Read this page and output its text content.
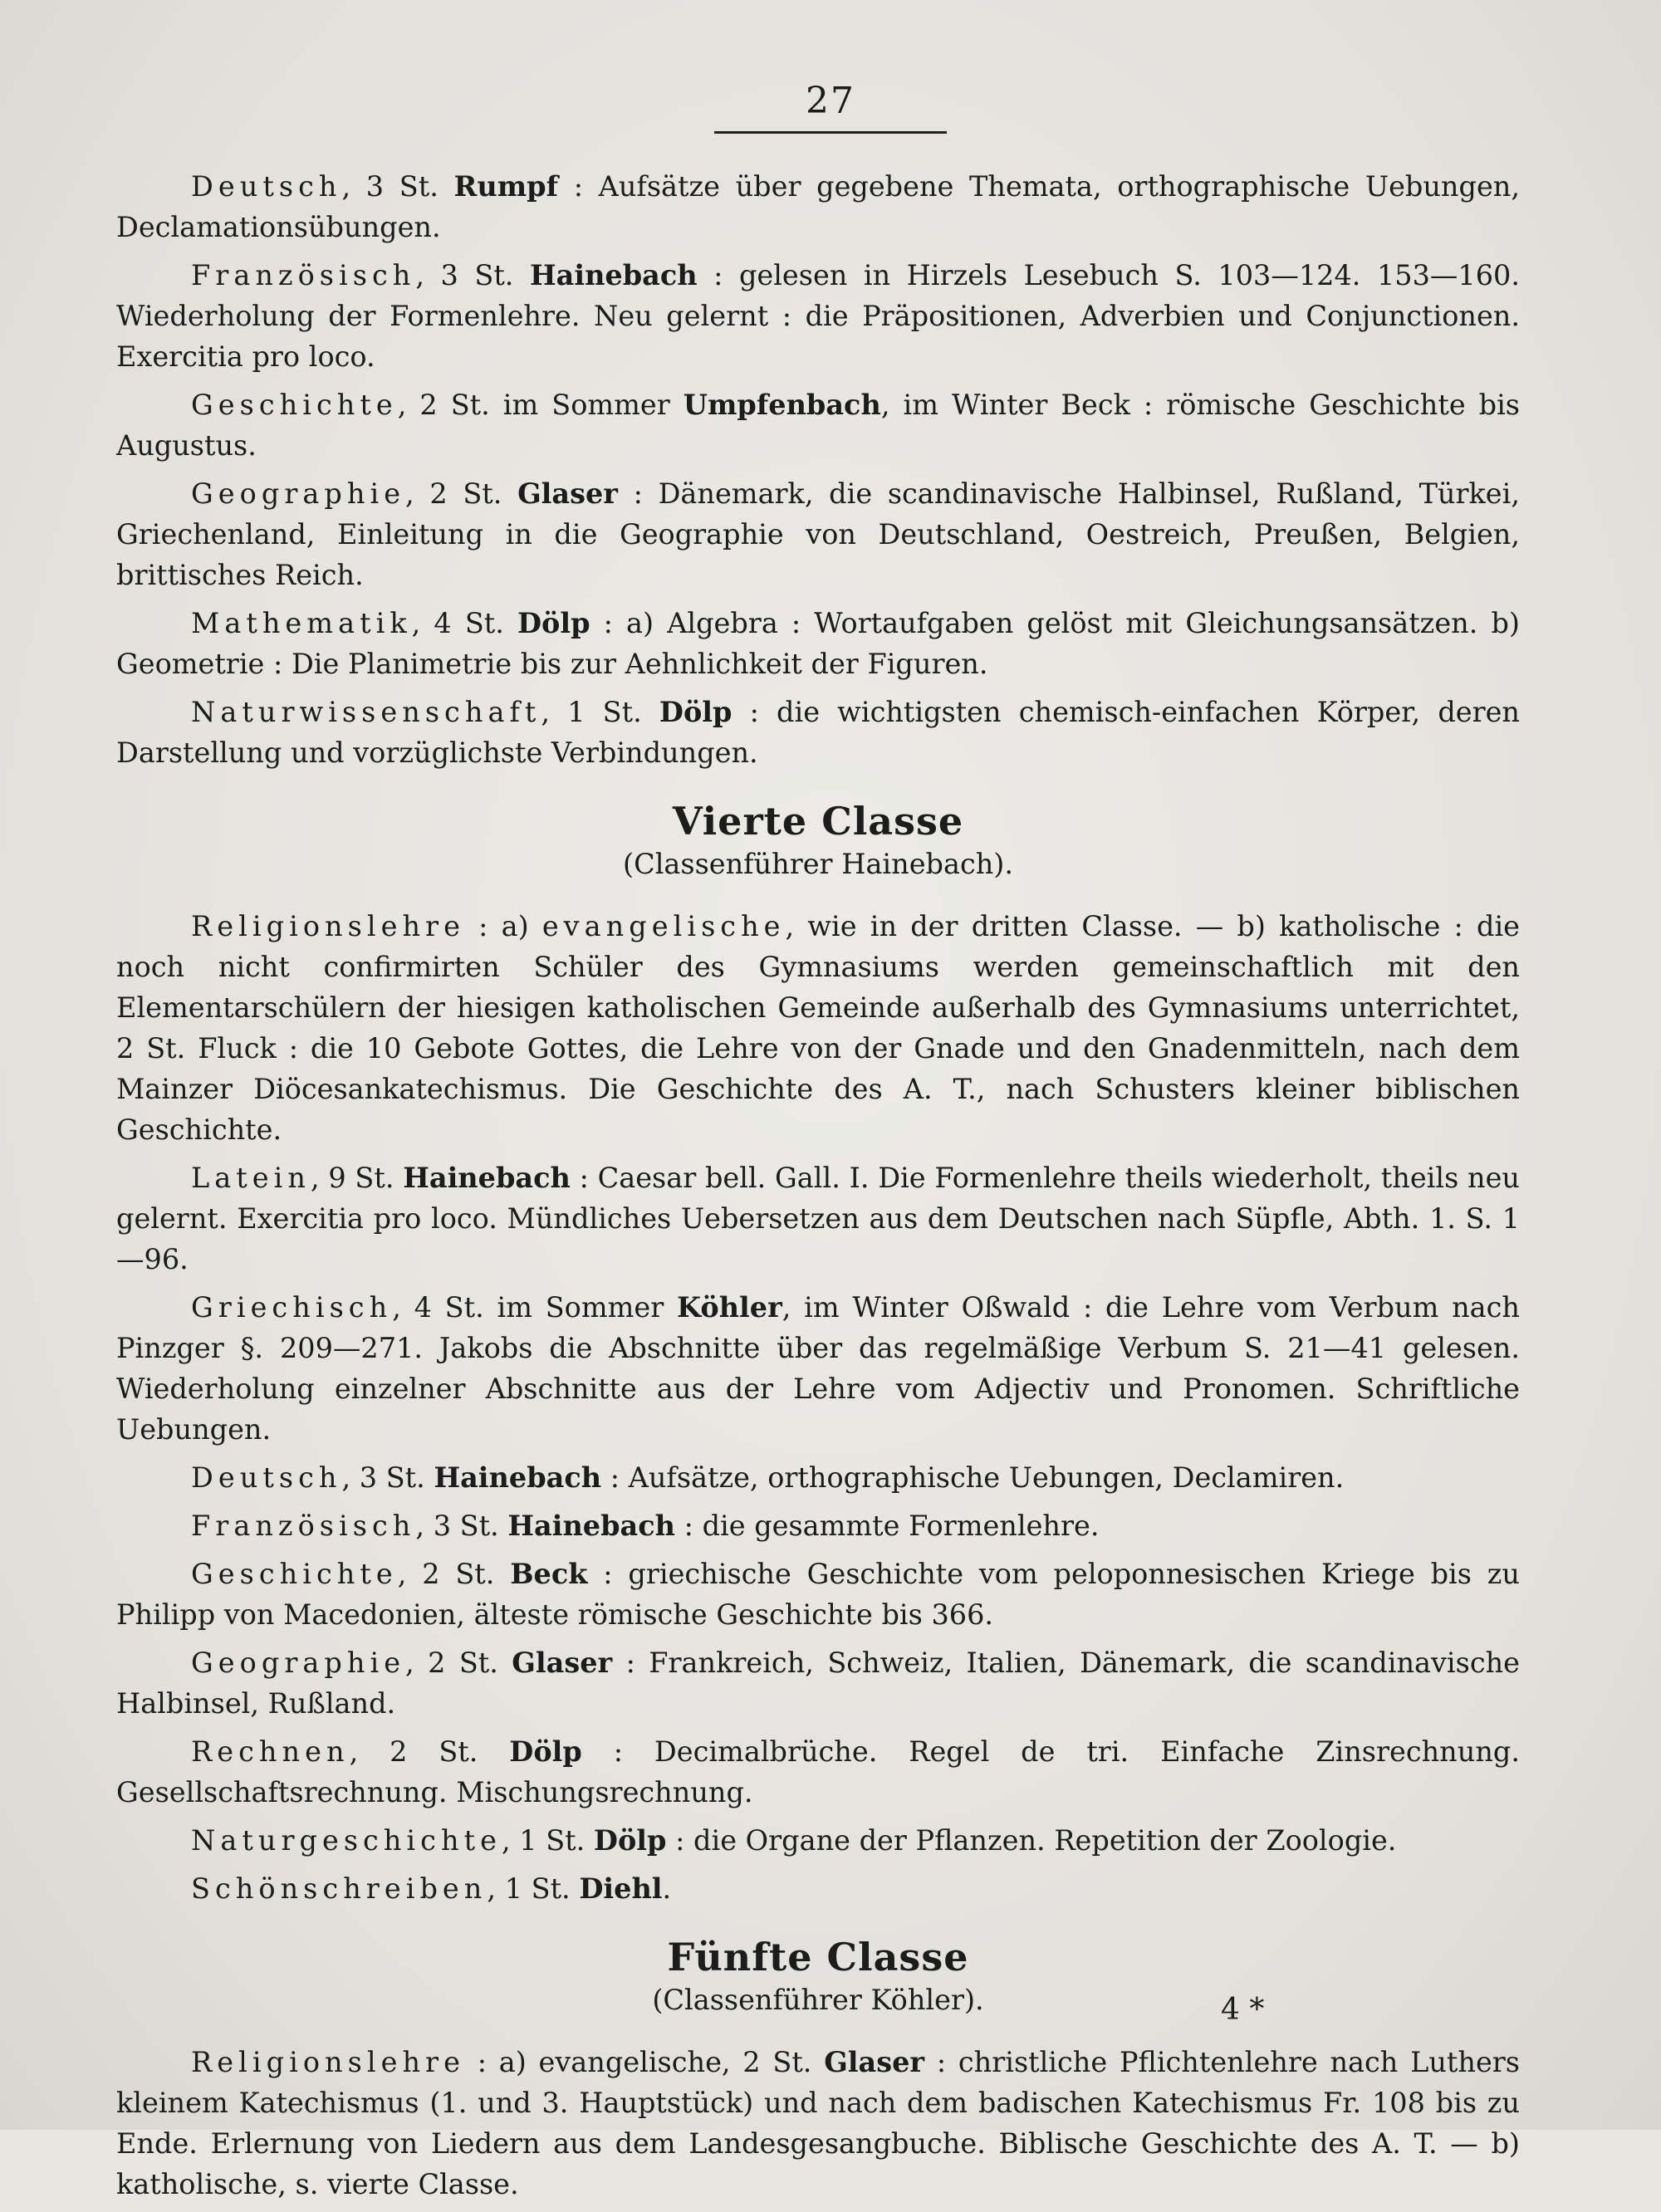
27

Deutsch, 3 St. Rumpf : Aufsätze über gegebene Themata, orthographische Uebungen, Declamationsübungen.

Französisch, 3 St. Hainebach : gelesen in Hirzels Lesebuch S. 103—124. 153—160. Wiederholung der Formenlehre. Neu gelernt : die Präpositionen, Adverbien und Conjunctionen. Exercitia pro loco.

Geschichte, 2 St. im Sommer Umpfenbach, im Winter Beck : römische Geschichte bis Augustus.

Geographie, 2 St. Glaser : Dänemark, die scandinavische Halbinsel, Rußland, Türkei, Griechenland, Einleitung in die Geographie von Deutschland, Oestreich, Preußen, Belgien, brittisches Reich.

Mathematik, 4 St. Dölp : a) Algebra : Wortaufgaben gelöst mit Gleichungsansätzen. b) Geometrie : Die Planimetrie bis zur Aehnlichkeit der Figuren.

Naturwissenschaft, 1 St. Dölp : die wichtigsten chemisch-einfachen Körper, deren Darstellung und vorzüglichste Verbindungen.

Vierte Classe

(Classenführer Hainebach).

Religionslehre : a) evangelische, wie in der dritten Classe. — b) katholische : die noch nicht confirmirten Schüler des Gymnasiums werden gemeinschaftlich mit den Elementarschülern der hiesigen katholischen Gemeinde außerhalb des Gymnasiums unterrichtet, 2 St. Fluck : die 10 Gebote Gottes, die Lehre von der Gnade und den Gnadenmitteln, nach dem Mainzer Diöcesankatechismus. Die Geschichte des A. T., nach Schusters kleiner biblischen Geschichte.

Latein, 9 St. Hainebach : Caesar bell. Gall. I. Die Formenlehre theils wiederholt, theils neu gelernt. Exercitia pro loco. Mündliches Uebersetzen aus dem Deutschen nach Süpfle, Abth. 1. S. 1—96.

Griechisch, 4 St. im Sommer Köhler, im Winter Oßwald : die Lehre vom Verbum nach Pinzger §. 209—271. Jakobs die Abschnitte über das regelmäßige Verbum S. 21—41 gelesen. Wiederholung einzelner Abschnitte aus der Lehre vom Adjectiv und Pronomen. Schriftliche Uebungen.

Deutsch, 3 St. Hainebach : Aufsätze, orthographische Uebungen, Declamiren.

Französisch, 3 St. Hainebach : die gesammte Formenlehre.

Geschichte, 2 St. Beck : griechische Geschichte vom peloponnesischen Kriege bis zu Philipp von Macedonien, älteste römische Geschichte bis 366.

Geographie, 2 St. Glaser : Frankreich, Schweiz, Italien, Dänemark, die scandinavische Halbinsel, Rußland.

Rechnen, 2 St. Dölp : Decimalbrüche. Regel de tri. Einfache Zinsrechnung. Gesellschaftsrechnung. Mischungsrechnung.

Naturgeschichte, 1 St. Dölp : die Organe der Pflanzen. Repetition der Zoologie.

Schönschreiben, 1 St. Diehl.

Fünfte Classe

(Classenführer Köhler).

Religionslehre : a) evangelische, 2 St. Glaser : christliche Pflichtenlehre nach Luthers kleinem Katechismus (1. und 3. Hauptstück) und nach dem badischen Katechismus Fr. 108 bis zu Ende. Erlernung von Liedern aus dem Landesgesangbuche. Biblische Geschichte des A. T. — b) katholische, s. vierte Classe.

4 *
